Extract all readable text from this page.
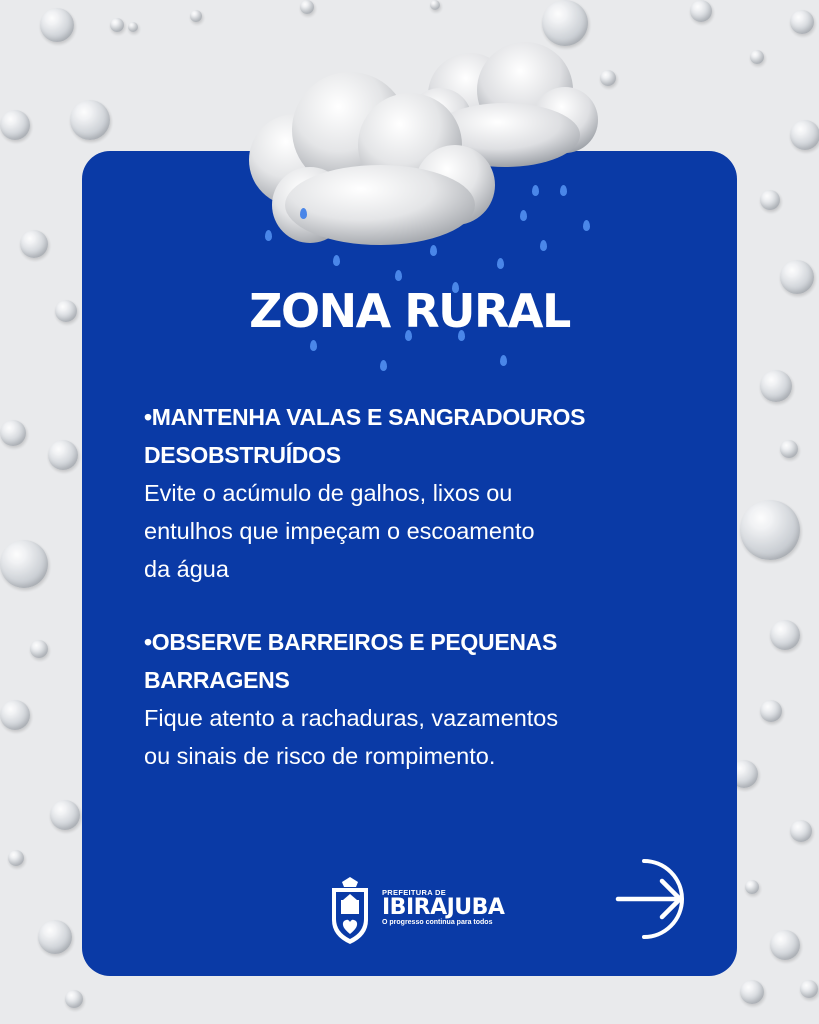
ZONA RURAL
•MANTENHA VALAS E SANGRADOUROS
DESOBSTRUÍDOS
Evite o acúmulo de galhos, lixos ou
entulhos que impeçam o escoamento
da água
•OBSERVE BARREIROS E PEQUENAS
BARRAGENS
Fique atento a rachaduras, vazamentos
ou sinais de risco de rompimento.
PREFEITURA DE
IBIRAJUBA
O progresso continua para todos
